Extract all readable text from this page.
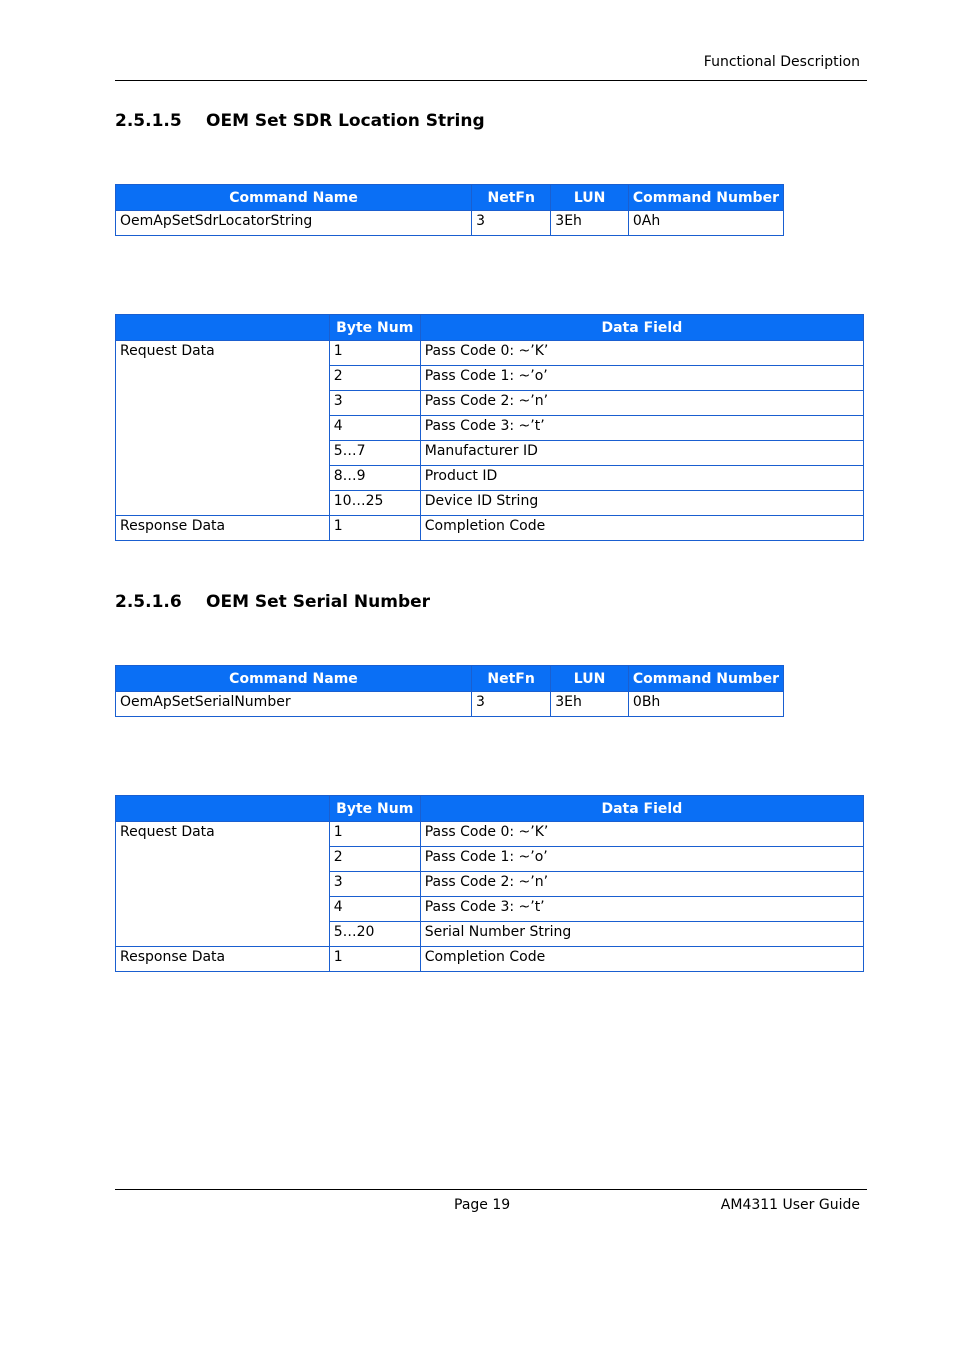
Functional Description
2.5.1.5 OEM Set SDR Location String
Command Name	NetFn	LUN	Command Number
OemApSetSdrLocatorString	3	3Eh	0Ah
	Byte Num	Data Field
Request Data	1	Pass Code 0: ~’K’
	2	Pass Code 1: ~’o’
	3	Pass Code 2: ~’n’
	4	Pass Code 3: ~’t’
	5…7	Manufacturer ID
	8…9	Product ID
	10…25	Device ID String
Response Data	1	Completion Code
2.5.1.6 OEM Set Serial Number
Command Name	NetFn	LUN	Command Number
OemApSetSerialNumber	3	3Eh	0Bh
	Byte Num	Data Field
Request Data	1	Pass Code 0: ~’K’
	2	Pass Code 1: ~’o’
	3	Pass Code 2: ~’n’
	4	Pass Code 3: ~’t’
	5…20	Serial Number String
Response Data	1	Completion Code
Page 19	AM4311 User Guide
